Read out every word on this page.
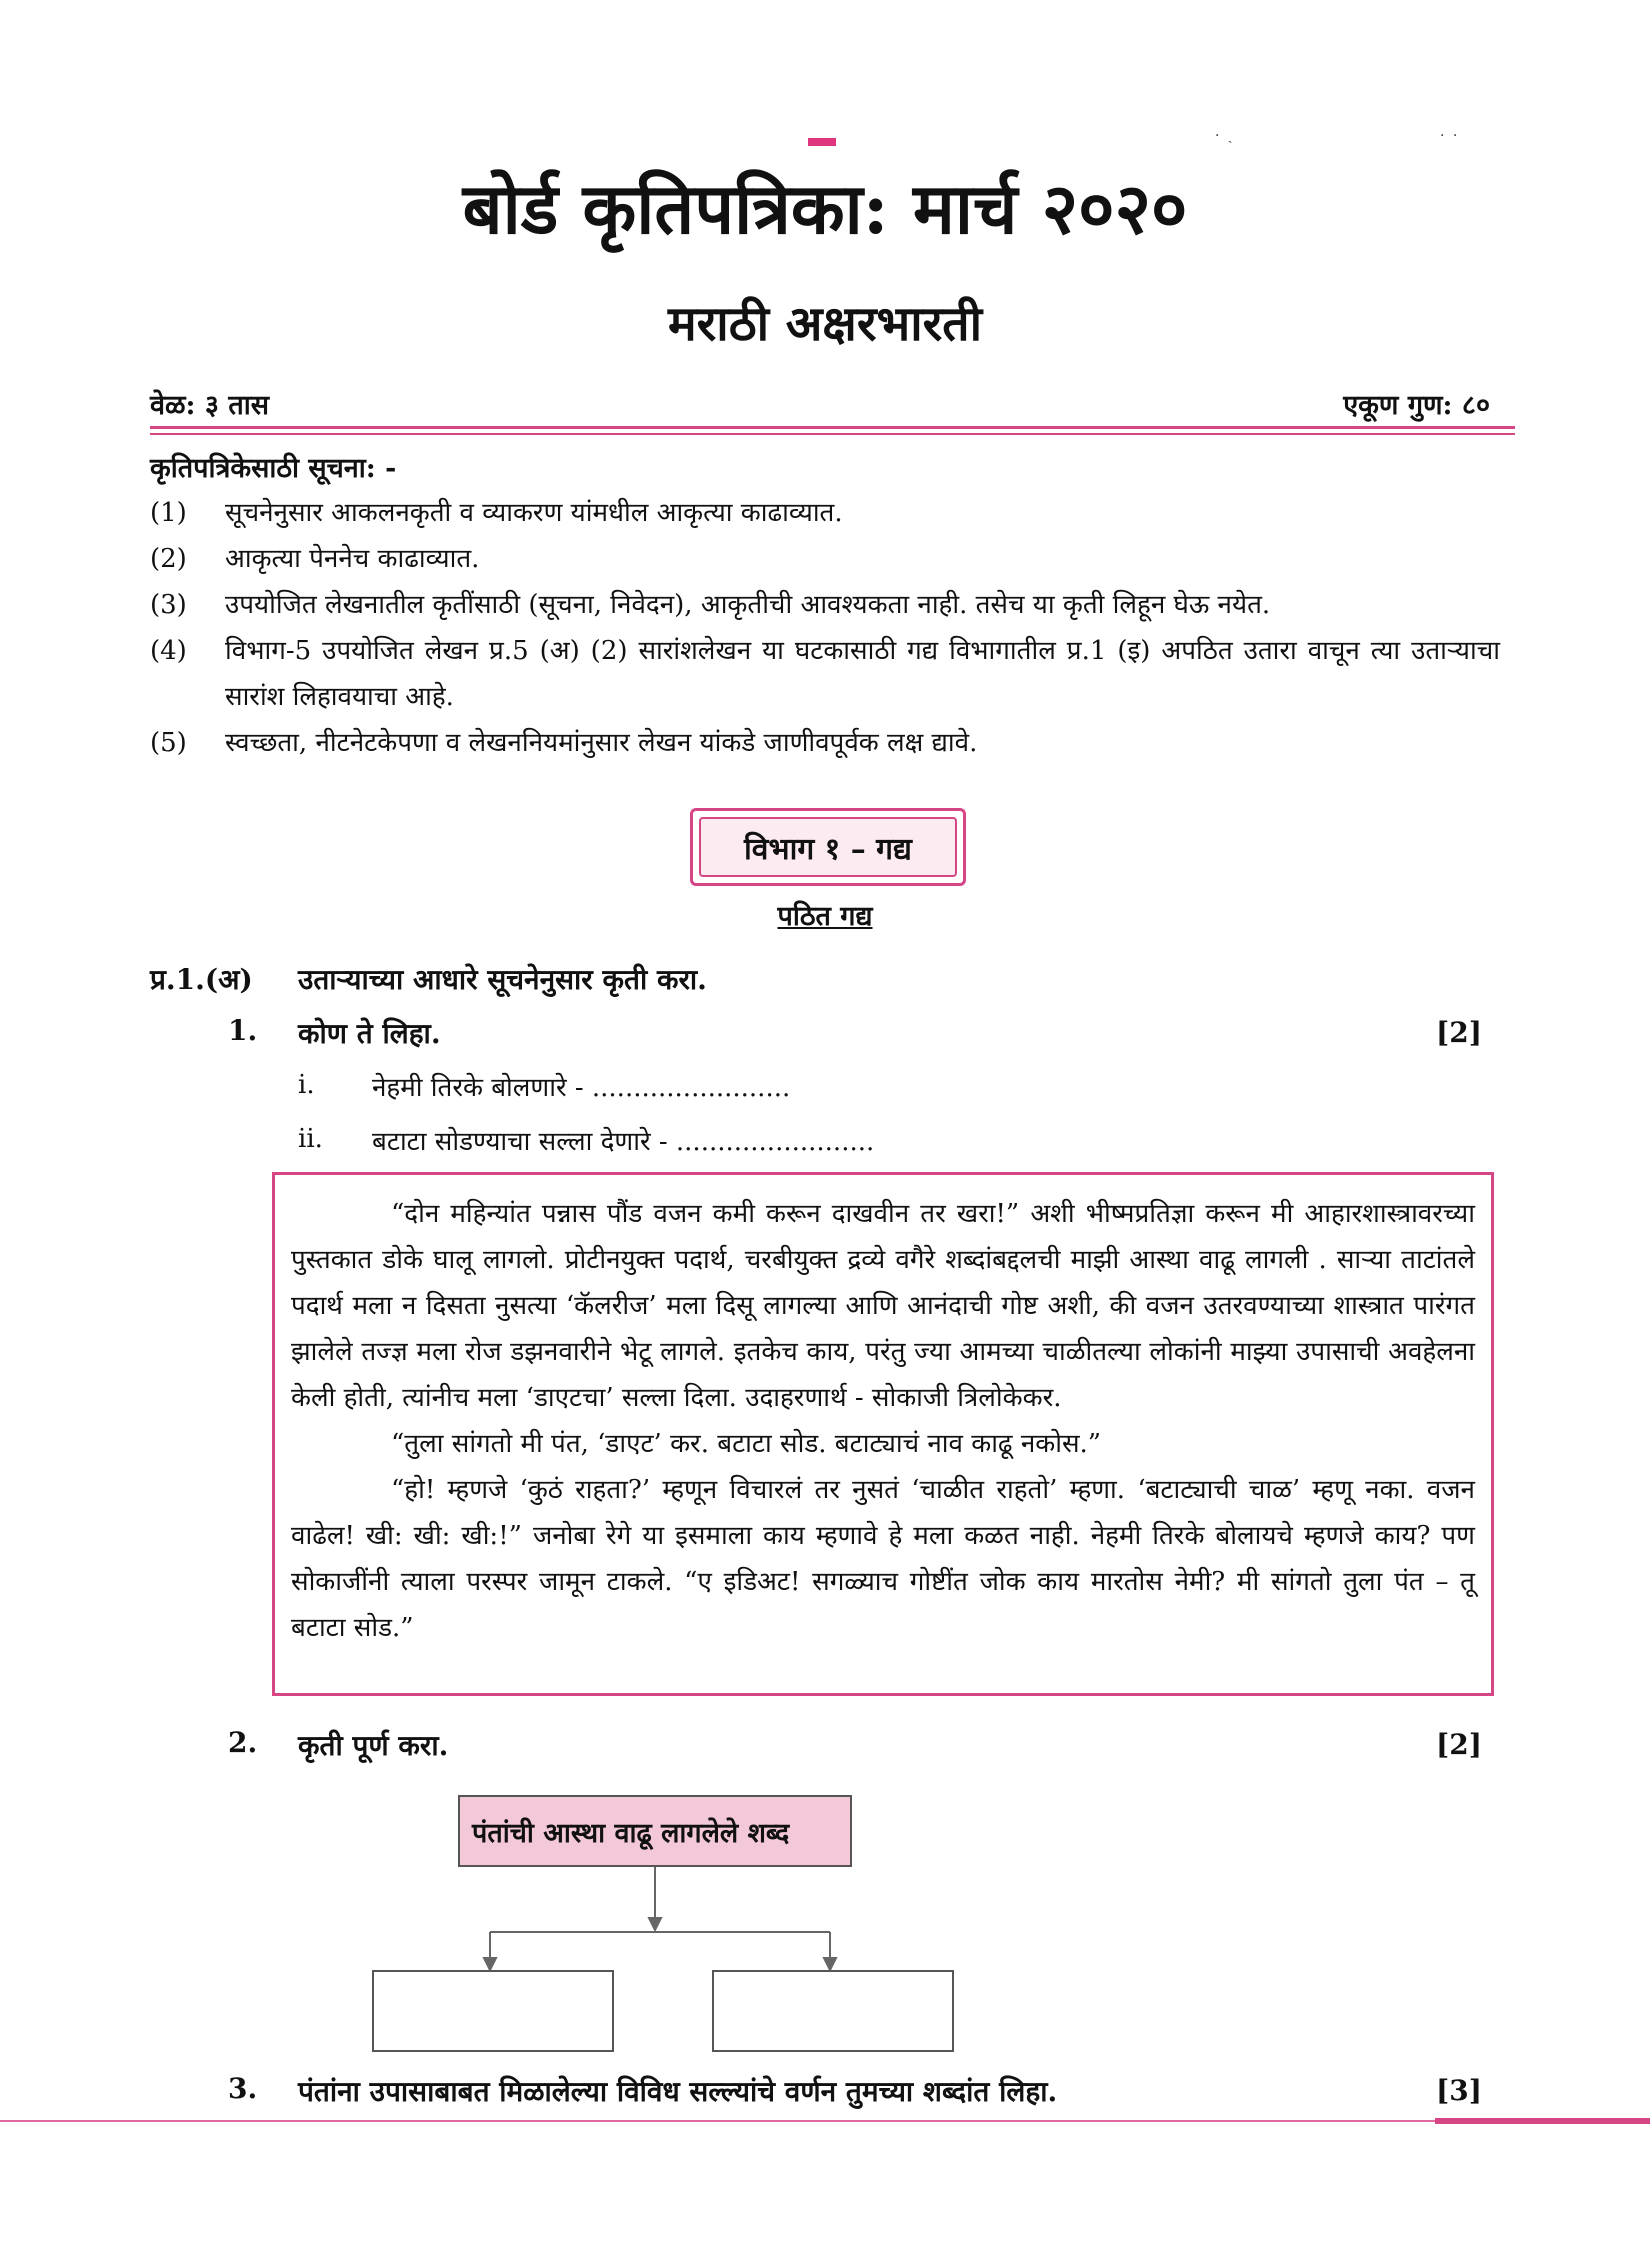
· ˎ	· ·
बोर्ड कृतिपत्रिका: मार्च २०२०
मराठी अक्षरभारती
वेळ: ३ तास	एकूण गुण: ८०
कृतिपत्रिकेसाठी सूचना: -
(1) सूचनेनुसार आकलनकृती व व्याकरण यांमधील आकृत्या काढाव्यात.
(2) आकृत्या पेननेच काढाव्यात.
(3) उपयोजित लेखनातील कृतींसाठी (सूचना, निवेदन), आकृतीची आवश्यकता नाही. तसेच या कृती लिहून घेऊ नयेत.
(4) विभाग-5 उपयोजित लेखन प्र.5 (अ) (2) सारांशलेखन या घटकासाठी गद्य विभागातील प्र.1 (इ) अपठित उतारा वाचून त्या उताऱ्याचा सारांश लिहावयाचा आहे.
(5) स्वच्छता, नीटनेटकेपणा व लेखननियमांनुसार लेखन यांकडे जाणीवपूर्वक लक्ष द्यावे.
विभाग १ – गद्य
पठित गद्य
प्र.1.(अ) उताऱ्याच्या आधारे सूचनेनुसार कृती करा.
1. कोण ते लिहा.	[2]
i. नेहमी तिरके बोलणारे - ........................
ii. बटाटा सोडण्याचा सल्ला देणारे - ........................

“दोन महिन्यांत पन्नास पौंड वजन कमी करून दाखवीन तर खरा!” अशी भीष्मप्रतिज्ञा करून मी आहारशास्त्रावरच्या पुस्तकात डोके घालू लागलो. प्रोटीनयुक्त पदार्थ, चरबीयुक्त द्रव्ये वगैरे शब्दांबद्दलची माझी आस्था वाढू लागली . साऱ्या ताटांतले पदार्थ मला न दिसता नुसत्या ‘कॅलरीज’ मला दिसू लागल्या आणि आनंदाची गोष्ट अशी, की वजन उतरवण्याच्या शास्त्रात पारंगत झालेले तज्ज्ञ मला रोज डझनवारीने भेटू लागले. इतकेच काय, परंतु ज्या आमच्या चाळीतल्या लोकांनी माझ्या उपासाची अवहेलना केली होती, त्यांनीच मला ‘डाएटचा’ सल्ला दिला. उदाहरणार्थ - सोकाजी त्रिलोकेकर.

“तुला सांगतो मी पंत, ‘डाएट’ कर. बटाटा सोड. बटाट्याचं नाव काढू नकोस.”

“हो! म्हणजे ‘कुठं राहता?’ म्हणून विचारलं तर नुसतं ‘चाळीत राहतो’ म्हणा. ‘बटाट्याची चाळ’ म्हणू नका. वजन वाढेल! खी: खी: खी:!” जनोबा रेगे या इसमाला काय म्हणावे हे मला कळत नाही. नेहमी तिरके बोलायचे म्हणजे काय? पण सोकाजींनी त्याला परस्पर जामून टाकले. “ए इडिअट! सगळ्याच गोष्टींत जोक काय मारतोस नेमी? मी सांगतो तुला पंत – तू बटाटा सोड.”

2. कृती पूर्ण करा.	[2]
पंतांची आस्था वाढू लागलेले शब्द
3. पंतांना उपासाबाबत मिळालेल्या विविध सल्ल्यांचे वर्णन तुमच्या शब्दांत लिहा.	[3]
